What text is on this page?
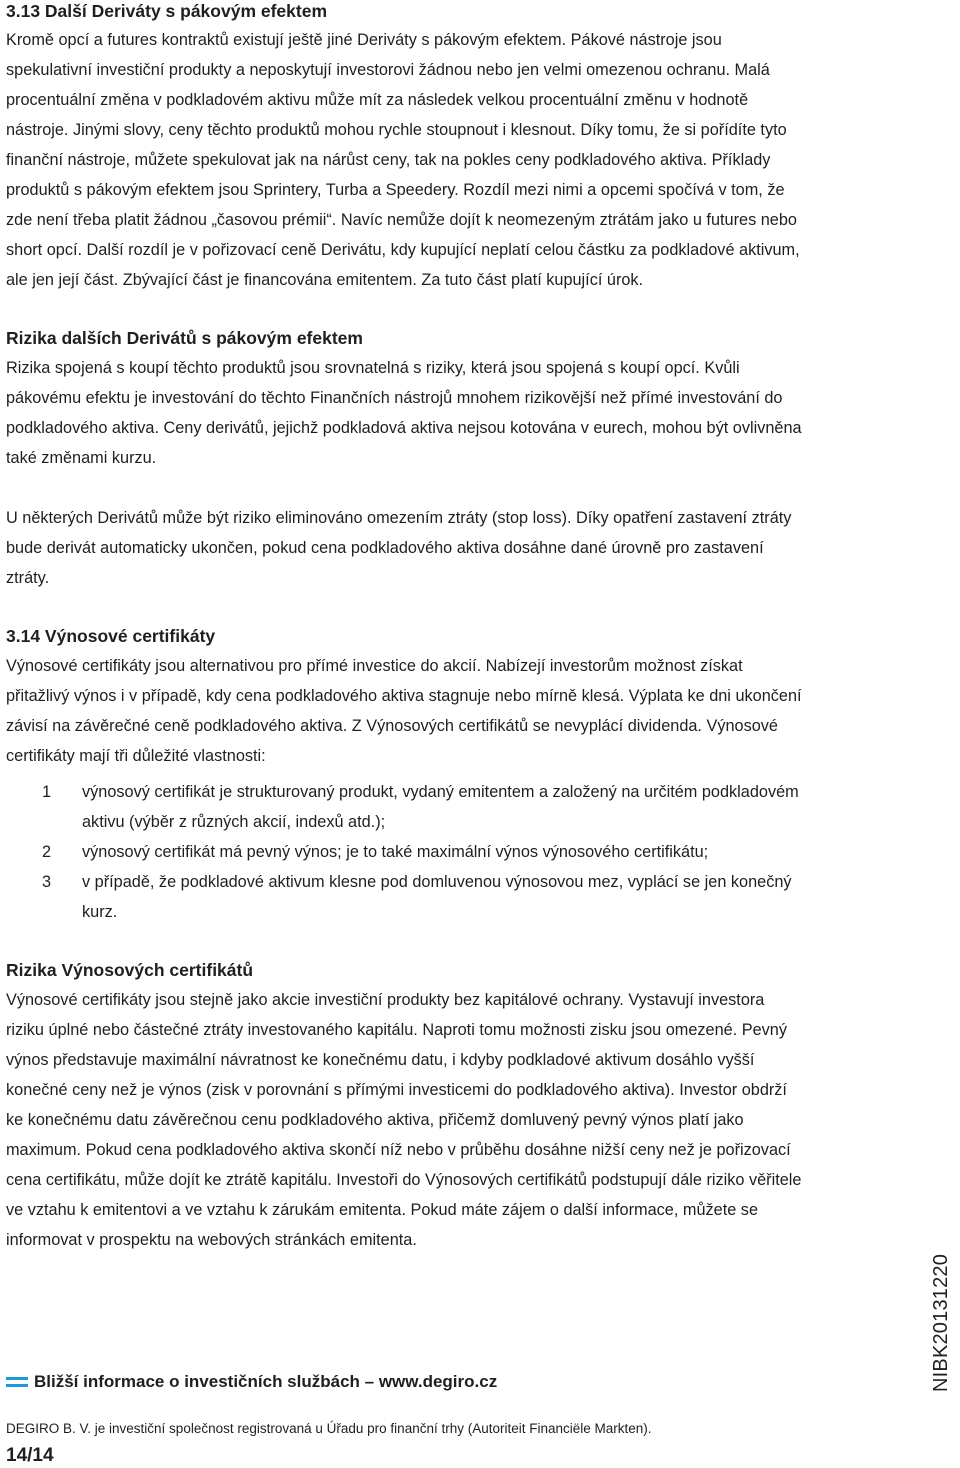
3.13 Další Deriváty s pákovým efektem

Kromě opcí a futures kontraktů existují ještě jiné Deriváty s pákovým efektem. Pákové nástroje jsou spekulativní investiční produkty a neposkytují investorovi žádnou nebo jen velmi omezenou ochranu. Malá procentuální změna v podkladovém aktivu může mít za následek velkou procentuální změnu v hodnotě nástroje. Jinými slovy, ceny těchto produktů mohou rychle stoupnout i klesnout. Díky tomu, že si pořídíte tyto finanční nástroje, můžete spekulovat jak na nárůst ceny, tak na pokles ceny podkladového aktiva. Příklady produktů s pákovým efektem jsou Sprintery, Turba a Speedery. Rozdíl mezi nimi a opcemi spočívá v tom, že zde není třeba platit žádnou „časovou prémii“. Navíc nemůže dojít k neomezeným ztrátám jako u futures nebo short opcí. Další rozdíl je v pořizovací ceně Derivátu, kdy kupující neplatí celou částku za podkladové aktivum, ale jen její část. Zbývající část je financována emitentem. Za tuto část platí kupující úrok.

Rizika dalších Derivátů s pákovým efektem

Rizika spojená s koupí těchto produktů jsou srovnatelná s riziky, která jsou spojená s koupí opcí. Kvůli pákovému efektu je investování do těchto Finančních nástrojů mnohem rizikovější než přímé investování do podkladového aktiva. Ceny derivátů, jejichž podkladová aktiva nejsou kotována v eurech, mohou být ovlivněna také změnami kurzu.

U některých Derivátů může být riziko eliminováno omezením ztráty (stop loss). Díky opatření zastavení ztráty bude derivát automaticky ukončen, pokud cena podkladového aktiva dosáhne dané úrovně pro zastavení ztráty.

3.14 Výnosové certifikáty

Výnosové certifikáty jsou alternativou pro přímé investice do akcií. Nabízejí investorům možnost získat přitažlivý výnos i v případě, kdy cena podkladového aktiva stagnuje nebo mírně klesá. Výplata ke dni ukončení závisí na závěrečné ceně podkladového aktiva. Z Výnosových certifikátů se nevyplácí dividenda. Výnosové certifikáty mají tři důležité vlastnosti:

1	výnosový certifikát je strukturovaný produkt, vydaný emitentem a založený na určitém podkladovém aktivu (výběr z různých akcií, indexů atd.);
2	výnosový certifikát má pevný výnos; je to také maximální výnos výnosového certifikátu;
3	v případě, že podkladové aktivum klesne pod domluvenou výnosovou mez, vyplácí se jen konečný kurz.
Rizika Výnosových certifikátů

Výnosové certifikáty jsou stejně jako akcie investiční produkty bez kapitálové ochrany. Vystavují investora riziku úplné nebo částečné ztráty investovaného kapitálu. Naproti tomu možnosti zisku jsou omezené. Pevný výnos představuje maximální návratnost ke konečnému datu, i kdyby podkladové aktivum dosáhlo vyšší konečné ceny než je výnos (zisk v porovnání s přímými investicemi do podkladového aktiva). Investor obdrží ke konečnému datu závěrečnou cenu podkladového aktiva, přičemž domluvený pevný výnos platí jako maximum. Pokud cena podkladového aktiva skončí níž nebo v průběhu dosáhne nižší ceny než je pořizovací cena certifikátu, může dojít ke ztrátě kapitálu. Investoři do Výnosových certifikátů podstupují dále riziko věřitele ve vztahu k emitentovi a ve vztahu k zárukám emitenta. Pokud máte zájem o další informace, můžete se informovat v prospektu na webových stránkách emitenta.

Bližší informace o investičních službách – www.degiro.cz
DEGIRO B. V. je investiční společnost registrovaná u Úřadu pro finanční trhy (Autoriteit Financiële Markten).
14/14
NIBK20131220
